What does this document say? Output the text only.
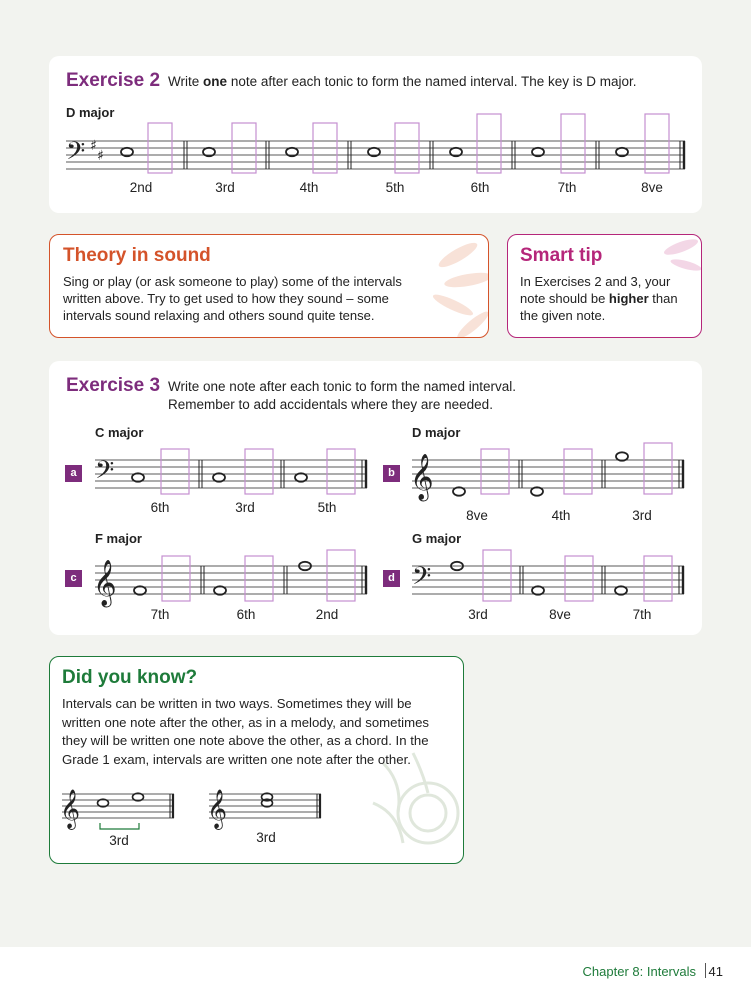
Exercise 2 Write one note after each tonic to form the named interval. The key is D major.
D major
𝄢 ♯
♯
2nd	3rd	4th	5th	6th	7th	8ve
Theory in sound
Sing or play (or ask someone to play) some of the intervals
written above. Try to get used to how they sound – some
intervals sound relaxing and others sound quite tense.
Smart tip
In Exercises 2 and 3, your
note should be higher than
the given note.
Exercise 3 Write one note after each tonic to form the named interval.
Remember to add accidentals where they are needed.
C major
a 𝄢
6th	3rd	5th
D major
b 𝄞
8ve	4th	3rd
F major
c 𝄞
7th	6th	2nd
G major
d 𝄢
3rd	8ve	7th
Did you know?
Intervals can be written in two ways. Sometimes they will be
written one note after the other, as in a melody, and sometimes
they will be written one note above the other, as a chord. In the
Grade 1 exam, intervals are written one note after the other.
𝄞
3rd
𝄞
3rd
Chapter 8: Intervals 41
